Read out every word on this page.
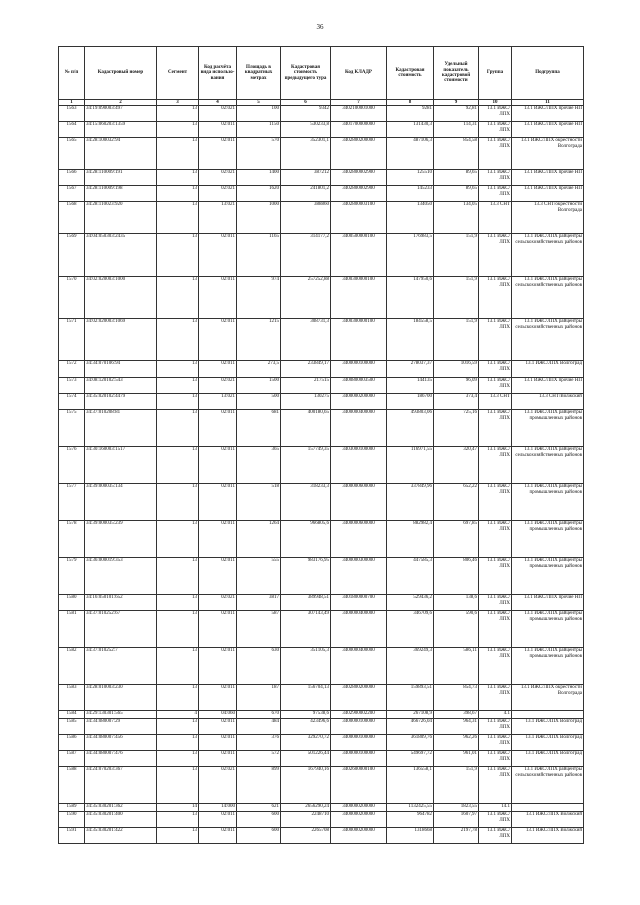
36
№ п/п	Кадастровый номер	Сегмент	Код расчёта вида использо-вания	Площадь в квадратных метрах	Кадастровая стоимость предыдущего тура	Код КЛАДР	Кадастровая стоимость	Удельный показатель кадастровой стоимости	Группа	Подгруппа
1	2	3	4	5	6	7	8	9	10	11
1563	34:19:090003:497	13	02:021	100	9342	3402100001000	9281	92,81	13.1 ИЖС/ЛПХ	13.1 ИЖС/ЛПХ прочие НП
1564	34:15:060203:1359	13	02:011	1150	530233,8	3401700000000	131430,3	114,31	13.1 ИЖС/ЛПХ	13.1 ИЖС/ЛПХ прочие НП
1565	34:28:100032:94	13	02:011	570	352301,1	3402800200000	487106,3	854,58	13.1 ИЖС/ЛПХ	13.1 ИЖС/ЛПХ окрестности Волгограда
1566	34:28:110009:191	13	02:021	1400	387212	3402800002900	125510	89,65	13.1 ИЖС/ЛПХ	13.1 ИЖС/ЛПХ прочие НП
1567	34:28:110009:198	13	02:021	1620	241801,2	3402800002900	145233	89,65	13.1 ИЖС/ЛПХ	13.1 ИЖС/ЛПХ прочие НП
1568	34:28:110023:920	13	13:021	1000	388860	3402800003100	134050	134,05	13.3 СНТ	13.3 СНТ/окрестности Волгограда
1569	34:04:050303:2435	13	02:011	1165	314177,2	3400500000100	176983,5	151,9	13.1 ИЖС/ЛПХ	13.1 ИЖС/ЛПХ райцентры сельскохозяйственных районов
1570	34:02:020003:1000	13	02:011	974	257252,88	3400300000100	147950,6	151,9	13.1 ИЖС/ЛПХ	13.1 ИЖС/ЛПХ райцентры сельскохозяйственных районов
1571	34:02:020003:1069	13	02:011	1215	308731,3	3400300000100	184558,5	151,9	13.1 ИЖС/ЛПХ	13.1 ИЖС/ЛПХ райцентры сельскохозяйственных районов
1572	34:34:070106:94	13	02:011	273,5	233849,17	3400000100000	278037,37	1016,59	13.1 ИЖС/ЛПХ	13.1 ИЖС/ЛПХ Волгоград
1573	34:08:120102:543	13	02:021	1500	217515	3400800003500	144135	96,09	13.1 ИЖС/ЛПХ	13.1 ИЖС/ЛПХ прочие НП
1574	34:35:020102:4479	13	13:021	500	130275	3400000200000	186700	373,4	13.3 СНТ	13.3 СНТ/Волжский
1575	34:37:010208:81	13	02:011	681	400180,65	3400000400000	493803,06	725,16	13.1 ИЖС/ЛПХ	13.1 ИЖС/ЛПХ райцентры промышленных районов
1576	34:30:160003:1517	13	02:011	365	157749,35	3403000100000	116971,55	320,47	13.1 ИЖС/ЛПХ	13.1 ИЖС/ЛПХ райцентры сельскохозяйственных районов
1577	34:39:000035:134	13	02:011	518	318233,3	3400000600000	337849,96	652,22	13.1 ИЖС/ЛПХ	13.1 ИЖС/ЛПХ райцентры промышленных районов
1578	34:39:000035:239	13	02:011	1264	966805,6	3400000600000	882982,4	697,85	13.1 ИЖС/ЛПХ	13.1 ИЖС/ЛПХ райцентры промышленных районов
1579	34:36:000019:353	13	02:011	555	983176,95	3400000300000	447585,3	806,46	13.1 ИЖС/ЛПХ	13.1 ИЖС/ЛПХ райцентры промышленных районов
1580	34:16:050101:652	13	02:021	3817	389948,51	3401800000700	529436,2	138,6	13.1 ИЖС/ЛПХ	13.1 ИЖС/ЛПХ прочие НП
1581	34:37:010252:67	13	02:011	587	307143,49	3400000400000	346709,6	590,6	13.1 ИЖС/ЛПХ	13.1 ИЖС/ЛПХ райцентры промышленных районов
1582	34:37:010252:7	13	02:011	630	351105,3	3400000400000	369249,3	586,11	13.1 ИЖС/ЛПХ	13.1 ИЖС/ЛПХ райцентры промышленных районов
1583	34:28:010003:230	13	02:011	187	156704,13	3402800200000	159893,51	854,73	13.1 ИЖС/ЛПХ	13.1 ИЖС/ЛПХ окрестности Волгограда
1584	34:29:130301:565	4	04:060	670	97538,6	3402900002200	267108,9	398,67	4.1	
1585	34:34:080007:29	13	02:011	484	423496,6	3400000100000	466726,04	964,31	13.1 ИЖС/ЛПХ	13.1 ИЖС/ЛПХ Волгоград
1586	34:34:080007:456	13	02:011	376	329270,72	3400000100000	361809,76	962,26	13.1 ИЖС/ЛПХ	13.1 ИЖС/ЛПХ Волгоград
1587	34:34:080007:476	13	02:011	572	501226,44	3400000100000	549697,72	961,01	13.1 ИЖС/ЛПХ	13.1 ИЖС/ЛПХ Волгоград
1588	34:24:070203:367	13	02:021	899	167940,16	3402600000100	136558,1	151,9	13.1 ИЖС/ЛПХ	13.1 ИЖС/ЛПХ райцентры сельскохозяйственных районов
1589	34:35:030201:362	14	14:000	621	2656290,24	3400000200000	1132425,55	1823,55	14.1	
1590	34:35:030201:400	13	02:011	600	2248710	3400000200000	964782	1607,97	13.1 ИЖС/ЛПХ	13.1 ИЖС/ЛПХ Волжский
1591	34:35:030201:422	13	02:011	600	2265708	3400000200000	1318668	2197,78	13.1 ИЖС/ЛПХ	13.1 ИЖС/ЛПХ Волжский
